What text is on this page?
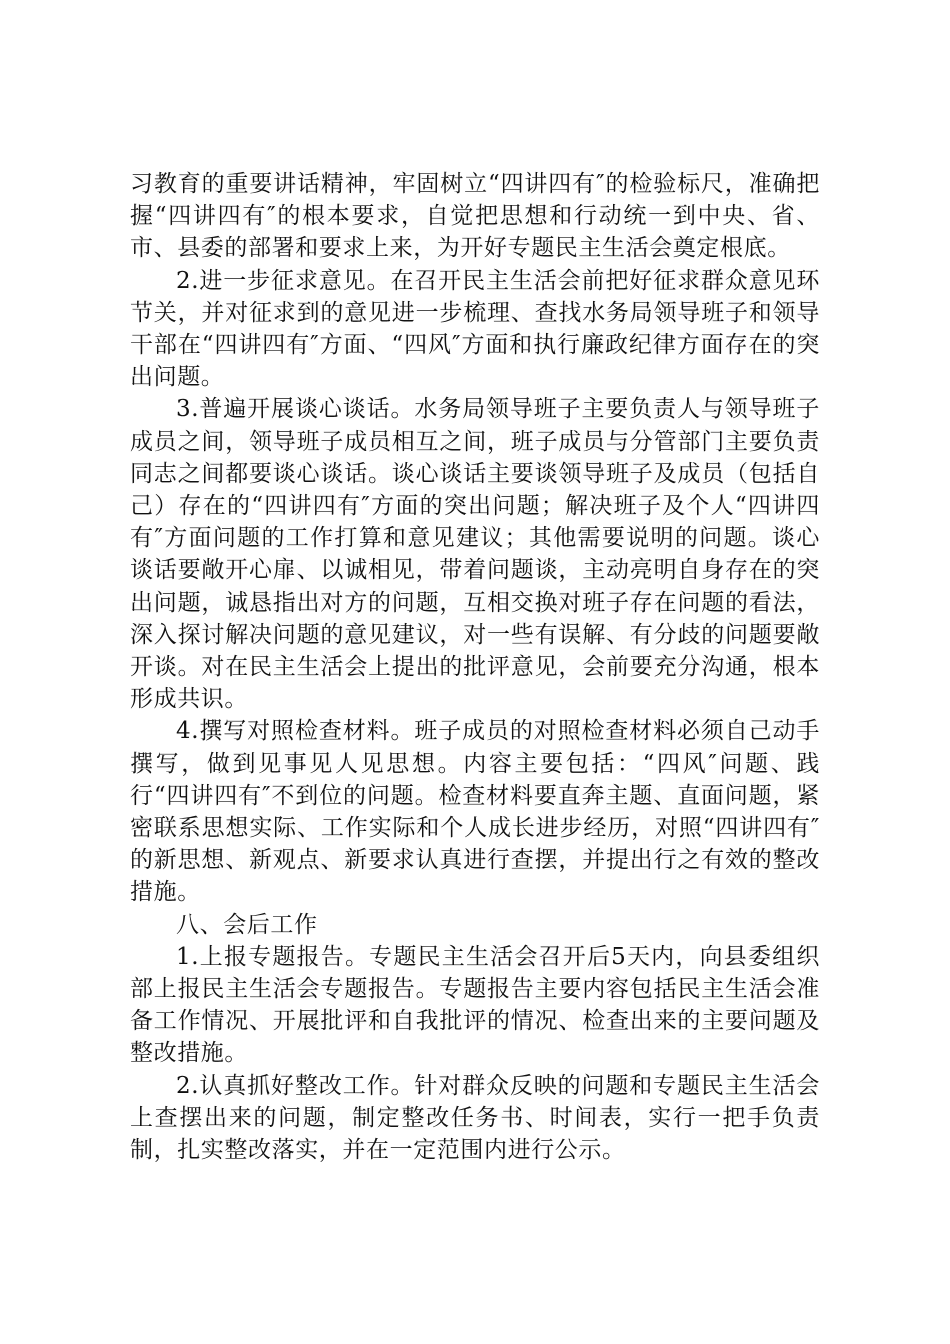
习教育的重要讲话精神，牢固树立“四讲四有″的检验标尺，准确把握“四讲四有″的根本要求，自觉把思想和行动统一到中央、省、市、县委的部署和要求上来，为开好专题民主生活会奠定根底。

2.进一步征求意见。在召开民主生活会前把好征求群众意见环节关，并对征求到的意见进一步梳理、查找水务局领导班子和领导干部在“四讲四有″方面、“四风″方面和执行廉政纪律方面存在的突出问题。

3.普遍开展谈心谈话。水务局领导班子主要负责人与领导班子成员之间，领导班子成员相互之间，班子成员与分管部门主要负责同志之间都要谈心谈话。谈心谈话主要谈领导班子及成员（包括自己）存在的“四讲四有″方面的突出问题；解决班子及个人“四讲四有″方面问题的工作打算和意见建议；其他需要说明的问题。谈心谈话要敞开心扉、以诚相见，带着问题谈，主动亮明自身存在的突出问题，诚恳指出对方的问题，互相交换对班子存在问题的看法，深入探讨解决问题的意见建议，对一些有误解、有分歧的问题要敞开谈。对在民主生活会上提出的批评意见，会前要充分沟通，根本形成共识。

4.撰写对照检查材料。班子成员的对照检查材料必须自己动手撰写，做到见事见人见思想。内容主要包括：“四风″问题、践行“四讲四有″不到位的问题。检查材料要直奔主题、直面问题，紧密联系思想实际、工作实际和个人成长进步经历，对照“四讲四有″的新思想、新观点、新要求认真进行查摆，并提出行之有效的整改措施。

八、会后工作

1.上报专题报告。专题民主生活会召开后5天内，向县委组织部上报民主生活会专题报告。专题报告主要内容包括民主生活会准备工作情况、开展批评和自我批评的情况、检查出来的主要问题及整改措施。

2.认真抓好整改工作。针对群众反映的问题和专题民主生活会上查摆出来的问题，制定整改任务书、时间表，实行一把手负责制，扎实整改落实，并在一定范围内进行公示。
